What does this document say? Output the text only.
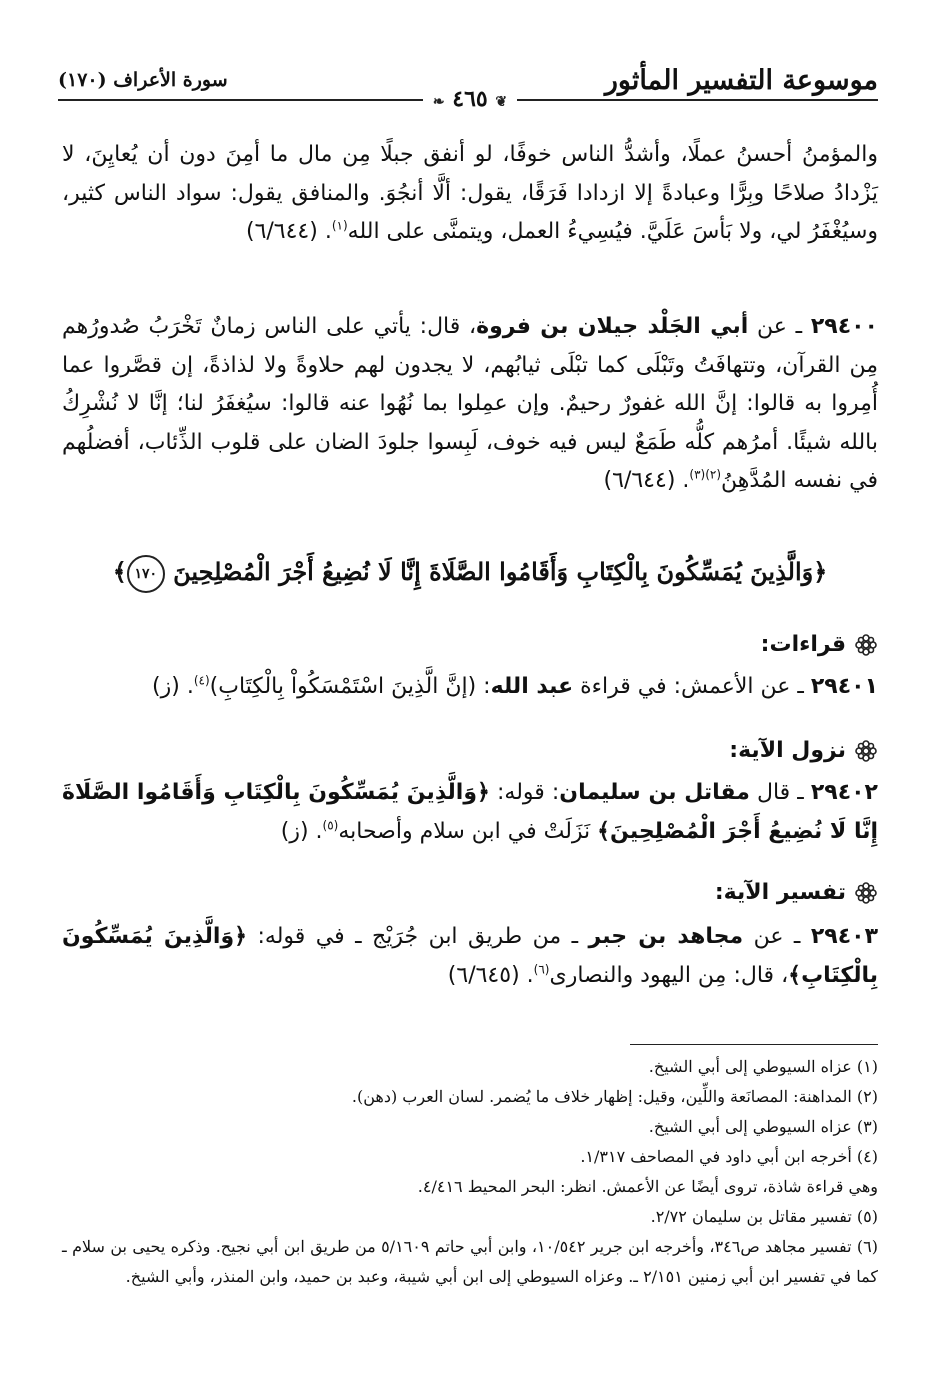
موسوعة التفسير المأثور
سورة الأعراف (١٧٠)
❦ ٤٦٥ ❧
والمؤمنُ أحسنُ عملًا، وأشدُّ الناس خوفًا، لو أنفق جبلًا مِن مال ما أمِنَ دون أن يُعايِنَ، لا يَزْدادُ صلاحًا وبِرًّا وعبادةً إلا ازدادا فَرَقًا، يقول: ألَّا أنجُوَ. والمنافق يقول: سواد الناس كثير، وسيُغْفَرُ لي، ولا بَأسَ عَلَيَّ. فيُسِيءُ العمل، ويتمنَّى على الله$^{(١)}$. (٦/٦٤٤)
٢٩٤٠٠ ـ عن أبي الجَلْد جيلان بن فروة، قال: يأتي على الناس زمانٌ تَخْرَبُ صُدورُهم مِن القرآن، وتتهافَتُ وتَبْلَى كما تبْلَى ثيابُهم، لا يجدون لهم حلاوةً ولا لذاذةً، إن قصَّروا عما أُمِروا به قالوا: إنَّ الله غفورٌ رحيمٌ. وإن عمِلوا بما نُهُوا عنه قالوا: سيُغفَرُ لنا؛ إنَّا لا نُشْرِكُ بالله شيئًا. أمرُهم كلُّه طَمَعٌ ليس فيه خوف، لَبِسوا جلودَ الضان على قلوب الذِّئاب، أفضلُهم في نفسه المُدَّهِنُ$^{(٢)(٣)}$. (٦/٦٤٤)
﴿وَالَّذِينَ يُمَسِّكُونَ بِالْكِتَابِ وَأَقَامُوا الصَّلَاةَ إِنَّا لَا نُضِيعُ أَجْرَ الْمُصْلِحِينَ ١٧٠﴾
قراءات:
٢٩٤٠١ ـ عن الأعمش: في قراءة عبد الله: (إنَّ الَّذِينَ اسْتَمْسَكُواْ بِالْكِتَابِ)$^{(٤)}$. (ز)
نزول الآية:
٢٩٤٠٢ ـ قال مقاتل بن سليمان: قوله: ﴿وَالَّذِينَ يُمَسِّكُونَ بِالْكِتَابِ وَأَقَامُوا الصَّلَاةَ إِنَّا لَا نُضِيعُ أَجْرَ الْمُصْلِحِينَ﴾ نَزَلَتْ في ابن سلام وأصحابه$^{(٥)}$. (ز)
تفسير الآية:
٢٩٤٠٣ ـ عن مجاهد بن جبر ـ من طريق ابن جُرَيْج ـ في قوله: ﴿وَالَّذِينَ يُمَسِّكُونَ بِالْكِتَابِ﴾، قال: مِن اليهود والنصارى$^{(٦)}$. (٦/٦٤٥)

(١) عزاه السيوطي إلى أبي الشيخ.

(٢) المداهنة: المصانَعة واللِّين، وقيل: إظهار خلاف ما يُضمر. لسان العرب (دهن).

(٣) عزاه السيوطي إلى أبي الشيخ.

(٤) أخرجه ابن أبي داود في المصاحف ١/٣١٧.

وهي قراءة شاذة، تروى أيضًا عن الأعمش. انظر: البحر المحيط ٤/٤١٦.

(٥) تفسير مقاتل بن سليمان ٢/٧٢.

(٦) تفسير مجاهد ص٣٤٦، وأخرجه ابن جرير ١٠/٥٤٢، وابن أبي حاتم ٥/١٦٠٩ من طريق ابن أبي نجيح. وذكره يحيى بن سلام ـ كما في تفسير ابن أبي زمنين ٢/١٥١ ـ. وعزاه السيوطي إلى ابن أبي شيبة، وعبد بن حميد، وابن المنذر، وأبي الشيخ.
